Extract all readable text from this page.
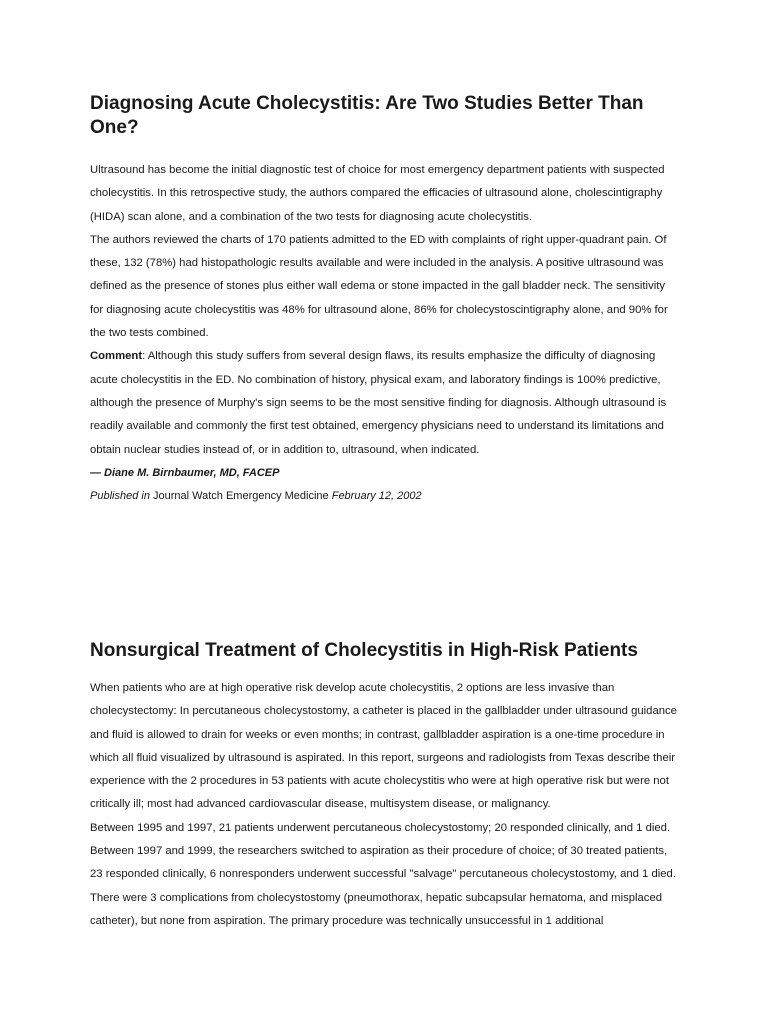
Diagnosing Acute Cholecystitis: Are Two Studies Better Than One?

Ultrasound has become the initial diagnostic test of choice for most emergency department patients with suspected cholecystitis. In this retrospective study, the authors compared the efficacies of ultrasound alone, cholescintigraphy (HIDA) scan alone, and a combination of the two tests for diagnosing acute cholecystitis.

The authors reviewed the charts of 170 patients admitted to the ED with complaints of right upper-quadrant pain. Of these, 132 (78%) had histopathologic results available and were included in the analysis. A positive ultrasound was defined as the presence of stones plus either wall edema or stone impacted in the gall bladder neck. The sensitivity for diagnosing acute cholecystitis was 48% for ultrasound alone, 86% for cholecystoscintigraphy alone, and 90% for the two tests combined.

Comment: Although this study suffers from several design flaws, its results emphasize the difficulty of diagnosing acute cholecystitis in the ED. No combination of history, physical exam, and laboratory findings is 100% predictive, although the presence of Murphy's sign seems to be the most sensitive finding for diagnosis. Although ultrasound is readily available and commonly the first test obtained, emergency physicians need to understand its limitations and obtain nuclear studies instead of, or in addition to, ultrasound, when indicated.

— Diane M. Birnbaumer, MD, FACEP

Published in Journal Watch Emergency Medicine February 12, 2002

Nonsurgical Treatment of Cholecystitis in High-Risk Patients

When patients who are at high operative risk develop acute cholecystitis, 2 options are less invasive than cholecystectomy: In percutaneous cholecystostomy, a catheter is placed in the gallbladder under ultrasound guidance and fluid is allowed to drain for weeks or even months; in contrast, gallbladder aspiration is a one-time procedure in which all fluid visualized by ultrasound is aspirated. In this report, surgeons and radiologists from Texas describe their experience with the 2 procedures in 53 patients with acute cholecystitis who were at high operative risk but were not critically ill; most had advanced cardiovascular disease, multisystem disease, or malignancy.

Between 1995 and 1997, 21 patients underwent percutaneous cholecystostomy; 20 responded clinically, and 1 died.

Between 1997 and 1999, the researchers switched to aspiration as their procedure of choice; of 30 treated patients, 23 responded clinically, 6 nonresponders underwent successful "salvage" percutaneous cholecystostomy, and 1 died. There were 3 complications from cholecystostomy (pneumothorax, hepatic subcapsular hematoma, and misplaced catheter), but none from aspiration. The primary procedure was technically unsuccessful in 1 additional
